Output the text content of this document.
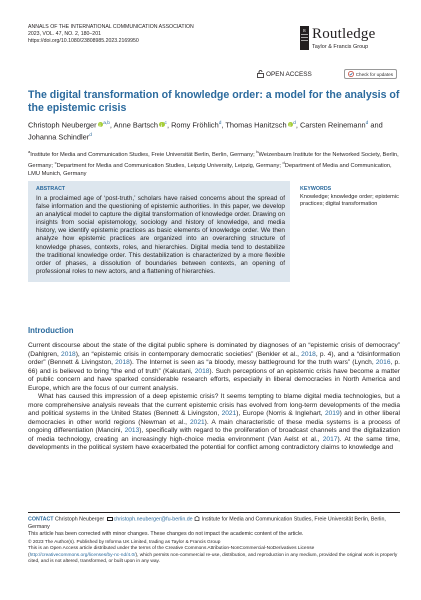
ANNALS OF THE INTERNATIONAL COMMUNICATION ASSOCIATION
2023, VOL. 47, NO. 2, 180–201
https://doi.org/10.1080/23808985.2023.2169950
R Routledge
Taylor & Francis Group
OPEN ACCESS	Check for updates
The digital transformation of knowledge order: a model for the analysis of the epistemic crisis
Christoph Neuberger i $^{a,b}$, Anne Bartsch i $^c$, Romy Fröhlich$^d$, Thomas Hanitzsch i $^d$, Carsten Reinemann$^d$ and Johanna Schindler$^d$
$^a$Institute for Media and Communication Studies, Freie Universität Berlin, Berlin, Germany; $^b$Weizenbaum Institute for the Networked Society, Berlin, Germany; $^c$Department for Media and Communication Studies, Leipzig University, Leipzig, Germany; $^d$Department of Media and Communication, LMU Munich, Germany
ABSTRACT
In a proclaimed age of ‘post-truth,’ scholars have raised concerns about the spread of false information and the questioning of epistemic authorities. In this paper, we develop an analytical model to capture the digital transformation of knowledge order. Drawing on insights from social epistemology, sociology and history of knowledge, and media history, we identify epistemic practices as basic elements of knowledge order. We then analyze how epistemic practices are organized into an overarching structure of knowledge phases, contexts, roles, and hierarchies. Digital media tend to destabilize the traditional knowledge order. This destabilization is characterized by a more flexible order of phases, a dissolution of boundaries between contexts, an opening of professional roles to new actors, and a flattening of hierarchies.
KEYWORDS
Knowledge; knowledge order; epistemic practices; digital transformation
Introduction

Current discourse about the state of the digital public sphere is dominated by diagnoses of an “epistemic crisis of democracy” (Dahlgren, 2018), an “epistemic crisis in contemporary democratic societies” (Benkler et al., 2018, p. 4), and a “disinformation order” (Bennett & Livingston, 2018). The Internet is seen as “a bloody, messy battleground for the truth wars” (Lynch, 2016, p. 66) and is believed to bring “the end of truth” (Kakutani, 2018). Such perceptions of an epistemic crisis have become a matter of public concern and have sparked considerable research efforts, especially in liberal democracies in North America and Europe, which are the focus of our current analysis.

What has caused this impression of a deep epistemic crisis? It seems tempting to blame digital media technologies, but a more comprehensive analysis reveals that the current epistemic crisis has evolved from long-term developments of the media and political systems in the United States (Bennett & Livingston, 2021), Europe (Norris & Inglehart, 2019) and in other liberal democracies in other world regions (Newman et al., 2021). A main characteristic of these media systems is a process of ongoing differentiation (Mancini, 2013), specifically with regard to the proliferation of broadcast channels and the digitalization of media technology, creating an increasingly high-choice media environment (Van Aelst et al., 2017). At the same time, developments in the political system have exacerbated the potential for conflict among contradictory claims to knowledge and

CONTACT Christoph Neuberger christoph.neuberger@fu-berlin.de Institute for Media and Communication Studies, Freie Universität Berlin, Berlin, Germany
This article has been corrected with minor changes. These changes do not impact the academic content of the article.
© 2023 The Author(s). Published by Informa UK Limited, trading as Taylor & Francis Group
This is an Open Access article distributed under the terms of the Creative Commons Attribution-NonCommercial-NoDerivatives License (http://creativecommons.org/licenses/by-nc-nd/4.0/), which permits non-commercial re-use, distribution, and reproduction in any medium, provided the original work is properly cited, and is not altered, transformed, or built upon in any way.
